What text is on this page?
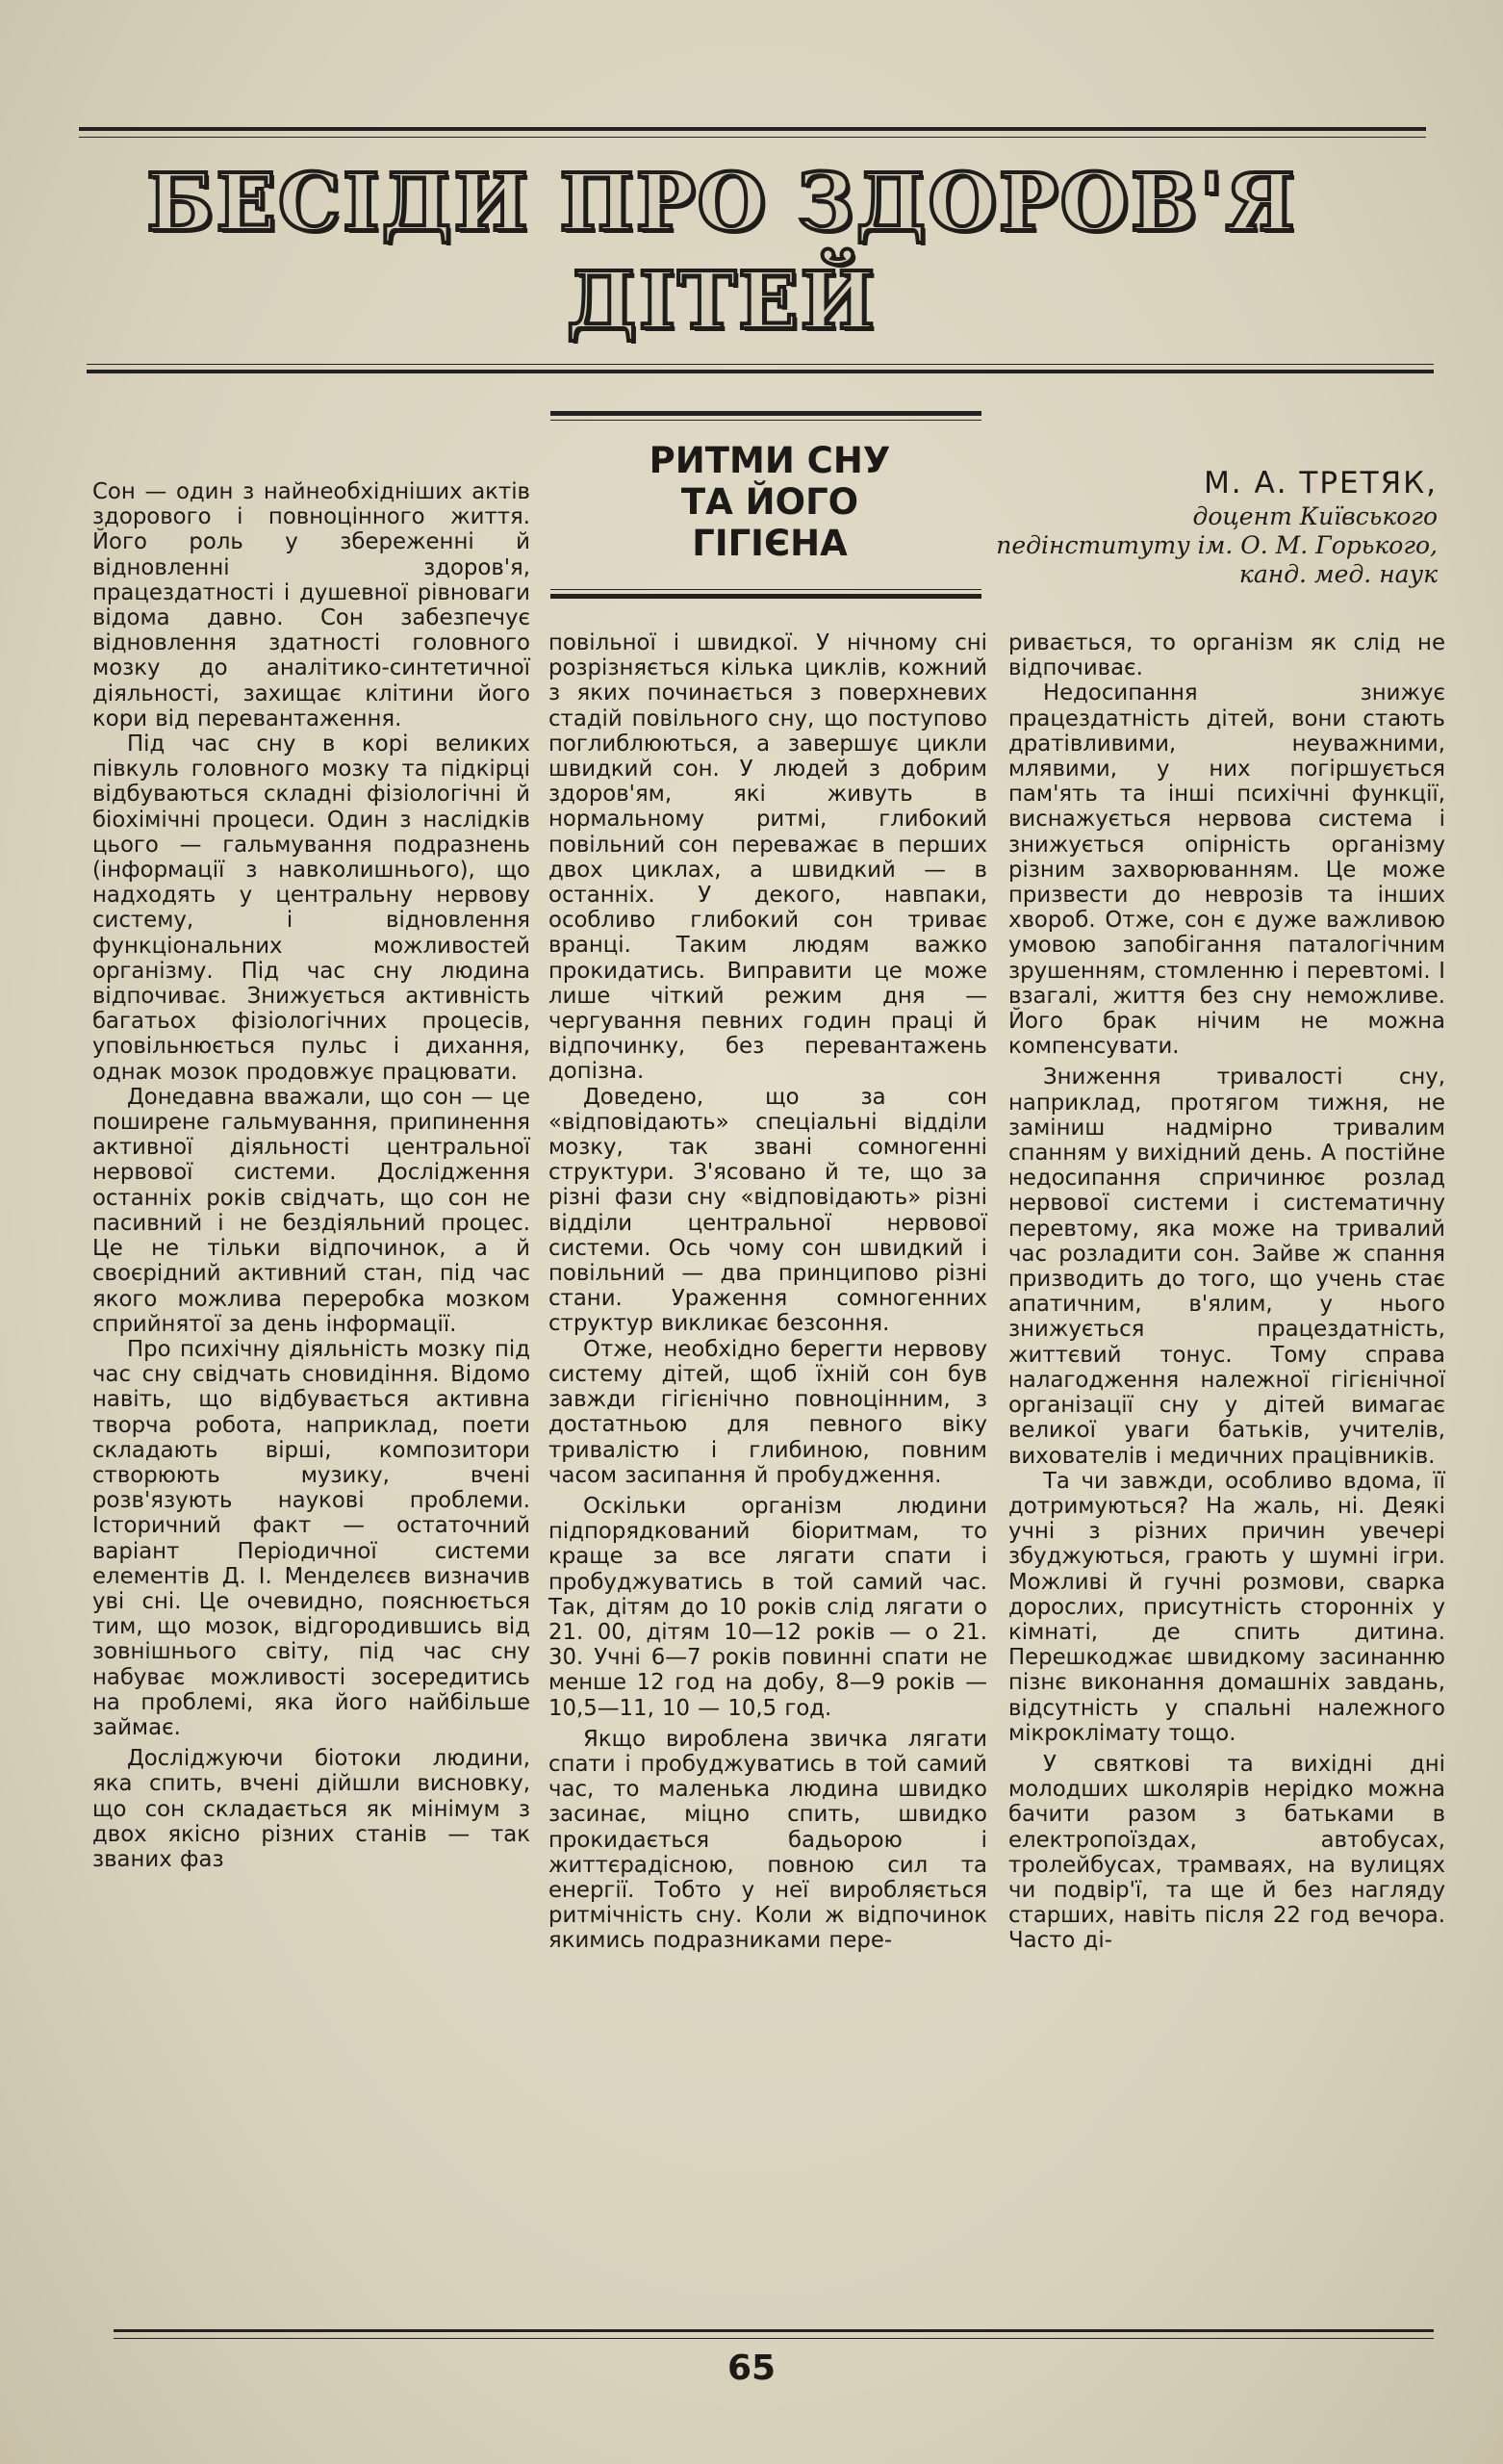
БЕСІДИ ПРО ЗДОРОВ'Я
ДІТЕЙ
РИТМИ СНУ
ТА ЙОГО
ГІГІЄНА
М. А. ТРЕТЯК,
доцент Київського
педінституту ім. О. М. Горького,
канд. мед. наук

Сон — один з найнеобхідніших актів здорового і повноцінного життя. Його роль у збереженні й відновленні здоров'я, працездатності і душевної рівноваги відома давно. Сон забезпечує відновлення здатності головного мозку до аналітико-синтетичної діяльності, захищає клітини його кори від перевантаження.

Під час сну в корі великих півкуль головного мозку та підкірці відбуваються складні фізіологічні й біохімічні процеси. Один з наслідків цього — гальмування подразнень (інформації з навколишнього), що надходять у центральну нервову систему, і відновлення функціональних можливостей організму. Під час сну людина відпочиває. Знижується активність багатьох фізіологічних процесів, уповільнюється пульс і дихання, однак мозок продовжує працювати.

Донедавна вважали, що сон — це поширене гальмування, припинення активної діяльності центральної нервової системи. Дослідження останніх років свідчать, що сон не пасивний і не бездіяльний процес. Це не тільки відпочинок, а й своєрідний активний стан, під час якого можлива переробка мозком сприйнятої за день інформації.

Про психічну діяльність мозку під час сну свідчать сновидіння. Відомо навіть, що відбувається активна творча робота, наприклад, поети складають вірші, композитори створюють музику, вчені розв'язують наукові проблеми. Історичний факт — остаточний варіант Періодичної системи елементів Д. І. Менделєєв визначив уві сні. Це очевидно, пояснюється тим, що мозок, відгородившись від зовнішнього світу, під час сну набуває можливості зосередитись на проблемі, яка його найбільше займає.

Досліджуючи біотоки людини, яка спить, вчені дійшли висновку, що сон складається як мінімум з двох якісно різних станів — так званих фаз

повільної і швидкої. У нічному сні розрізняється кілька циклів, кожний з яких починається з поверхневих стадій повільного сну, що поступово поглиблюються, а завершує цикли швидкий сон. У людей з добрим здоров'ям, які живуть в нормальному ритмі, глибокий повільний сон переважає в перших двох циклах, а швидкий — в останніх. У декого, навпаки, особливо глибокий сон триває вранці. Таким людям важко прокидатись. Виправити це може лише чіткий режим дня — чергування певних годин праці й відпочинку, без перевантажень допізна.

Доведено, що за сон «відповідають» спеціальні відділи мозку, так звані сомногенні структури. З'ясовано й те, що за різні фази сну «відповідають» різні відділи центральної нервової системи. Ось чому сон швидкий і повільний — два принципово різні стани. Ураження сомногенних структур викликає безсоння.

Отже, необхідно берегти нервову систему дітей, щоб їхній сон був завжди гігієнічно повноцінним, з достатньою для певного віку тривалістю і глибиною, повним часом засипання й пробудження.

Оскільки організм людини підпорядкований біоритмам, то краще за все лягати спати і пробуджуватись в той самий час. Так, дітям до 10 років слід лягати о 21. 00, дітям 10—12 років — о 21. 30. Учні 6—7 років повинні спати не менше 12 год на добу, 8—9 років — 10,5—11, 10 — 10,5 год.

Якщо вироблена звичка лягати спати і пробуджуватись в той самий час, то маленька людина швидко засинає, міцно спить, швидко прокидається бадьорою і життєрадісною, повною сил та енергії. Тобто у неї виробляється ритмічність сну. Коли ж відпочинок якимись подразниками пере-

ривається, то організм як слід не відпочиває.

Недосипання знижує працездатність дітей, вони стають дратівливими, неуважними, млявими, у них погіршується пам'ять та інші психічні функції, виснажується нервова система і знижується опірність організму різним захворюванням. Це може призвести до неврозів та інших хвороб. Отже, сон є дуже важливою умовою запобігання паталогічним зрушенням, стомленню і перевтомі. І взагалі, життя без сну неможливе. Його брак нічим не можна компенсувати.

Зниження тривалості сну, наприклад, протягом тижня, не заміниш надмірно тривалим спанням у вихідний день. А постійне недосипання спричинює розлад нервової системи і систематичну перевтому, яка може на тривалий час розладити сон. Зайве ж спання призводить до того, що учень стає апатичним, в'ялим, у нього знижується працездатність, життєвий тонус. Тому справа налагодження належної гігієнічної організації сну у дітей вимагає великої уваги батьків, учителів, вихователів і медичних працівників.

Та чи завжди, особливо вдома, її дотримуються? На жаль, ні. Деякі учні з різних причин увечері збуджуються, грають у шумні ігри. Можливі й гучні розмови, сварка дорослих, присутність сторонніх у кімнаті, де спить дитина. Перешкоджає швидкому засинанню пізнє виконання домашніх завдань, відсутність у спальні належного мікроклімату тощо.

У святкові та вихідні дні молодших школярів нерідко можна бачити разом з батьками в електропоїздах, автобусах, тролейбусах, трамваях, на вулицях чи подвір'ї, та ще й без нагляду старших, навіть після 22 год вечора. Часто ді-

65
